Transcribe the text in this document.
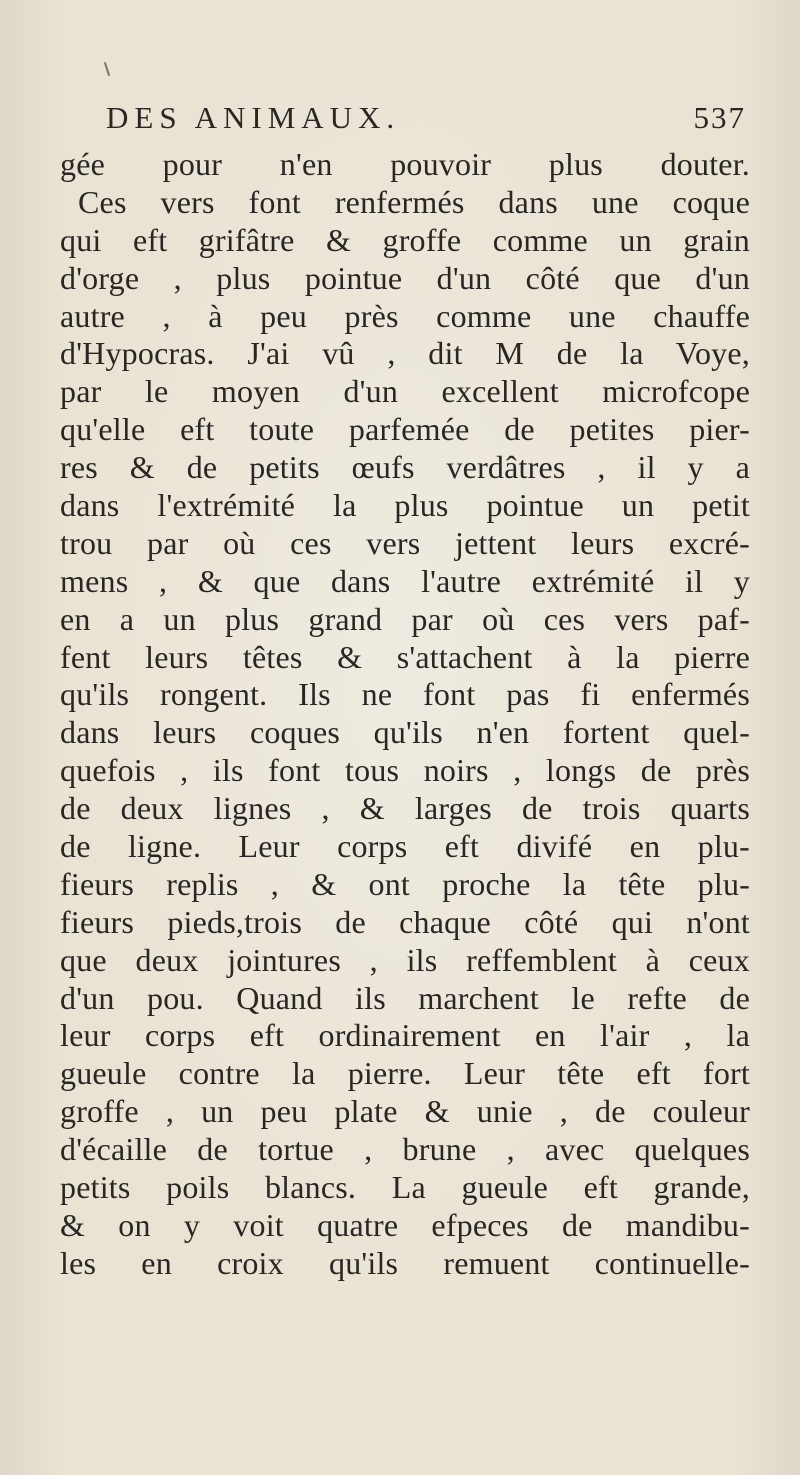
DES ANIMAUX.	537
gée pour n'en pouvoir plus douter.
Ces vers font renfermés dans une coque
qui eft grifâtre & groffe comme un grain
d'orge , plus pointue d'un côté que d'un
autre , à peu près comme une chauffe
d'Hypocras. J'ai vû , dit M de la Voye,
par le moyen d'un excellent microfcope
qu'elle eft toute parfemée de petites pier-
res & de petits œufs verdâtres , il y a
dans l'extrémité la plus pointue un petit
trou par où ces vers jettent leurs excré-
mens , & que dans l'autre extrémité il y
en a un plus grand par où ces vers paf-
fent leurs têtes & s'attachent à la pierre
qu'ils rongent. Ils ne font pas fi enfermés
dans leurs coques qu'ils n'en fortent quel-
quefois , ils font tous noirs , longs de près
de deux lignes , & larges de trois quarts
de ligne. Leur corps eft divifé en plu-
fieurs replis , & ont proche la tête plu-
fieurs pieds,trois de chaque côté qui n'ont
que deux jointures , ils reffemblent à ceux
d'un pou. Quand ils marchent le refte de
leur corps eft ordinairement en l'air , la
gueule contre la pierre. Leur tête eft fort
groffe , un peu plate & unie , de couleur
d'écaille de tortue , brune , avec quelques
petits poils blancs. La gueule eft grande,
& on y voit quatre efpeces de mandibu-
les en croix qu'ils remuent continuelle-
